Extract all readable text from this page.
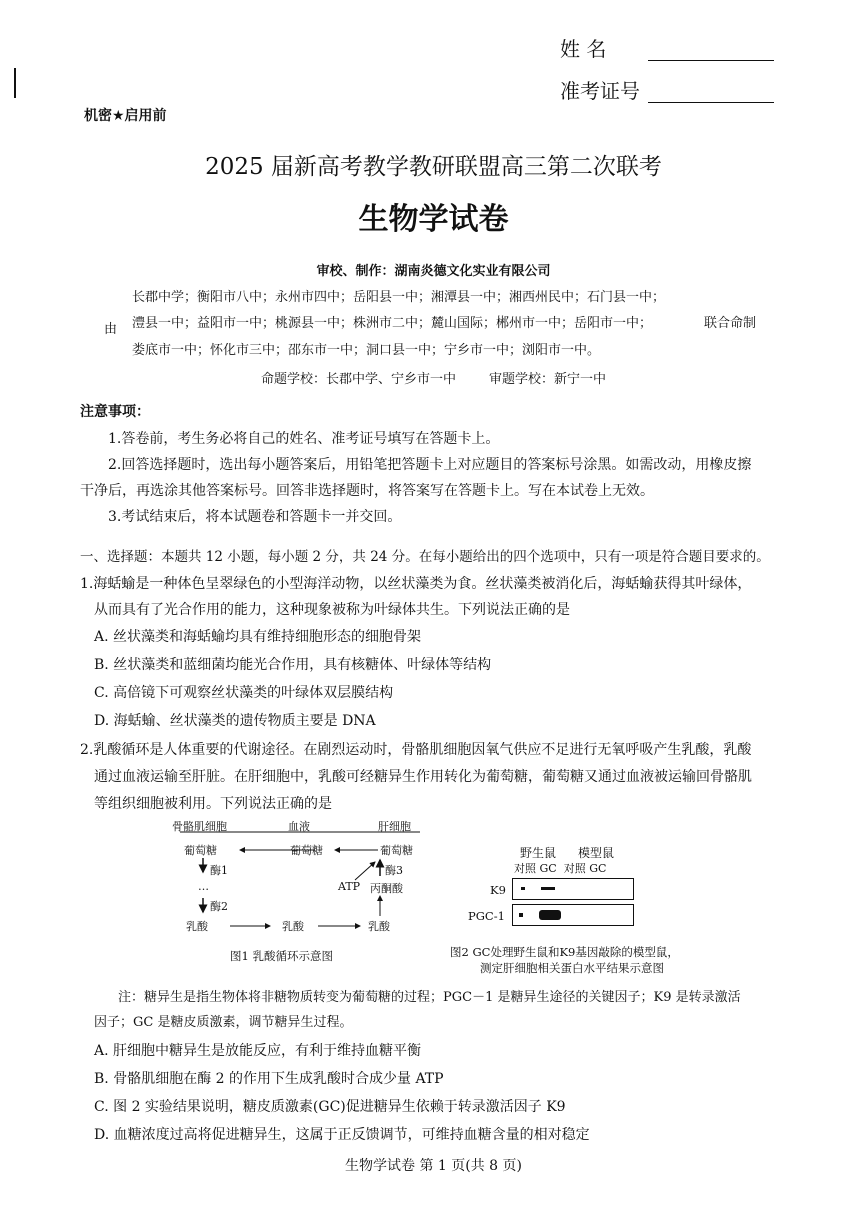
姓 名
准考证号
机密★启用前
2025 届新高考教学教研联盟高三第二次联考
生物学试卷
审校、制作：湖南炎德文化实业有限公司
长郡中学；衡阳市八中；永州市四中；岳阳县一中；湘潭县一中；湘西州民中；石门县一中；
由 澧县一中；益阳市一中；桃源县一中；株洲市二中；麓山国际；郴州市一中；岳阳市一中；	联合命制
娄底市一中；怀化市三中；邵东市一中；洞口县一中；宁乡市一中；浏阳市一中。
命题学校：长郡中学、宁乡市一中        审题学校：新宁一中
注意事项：
1.答卷前，考生务必将自己的姓名、准考证号填写在答题卡上。
2.回答选择题时，选出每小题答案后，用铅笔把答题卡上对应题目的答案标号涂黑。如需改动，用橡皮擦
干净后，再选涂其他答案标号。回答非选择题时，将答案写在答题卡上。写在本试卷上无效。
3.考试结束后，将本试题卷和答题卡一并交回。
一、选择题：本题共 12 小题，每小题 2 分，共 24 分。在每小题给出的四个选项中，只有一项是符合题目要求的。
1.海蛞蝓是一种体色呈翠绿色的小型海洋动物，以丝状藻类为食。丝状藻类被消化后，海蛞蝓获得其叶绿体，
从而具有了光合作用的能力，这种现象被称为叶绿体共生。下列说法正确的是
A. 丝状藻类和海蛞蝓均具有维持细胞形态的细胞骨架
B. 丝状藻类和蓝细菌均能光合作用，具有核糖体、叶绿体等结构
C. 高倍镜下可观察丝状藻类的叶绿体双层膜结构
D. 海蛞蝓、丝状藻类的遗传物质主要是 DNA
2.乳酸循环是人体重要的代谢途径。在剧烈运动时，骨骼肌细胞因氧气供应不足进行无氧呼吸产生乳酸，乳酸
通过血液运输至肝脏。在肝细胞中，乳酸可经糖异生作用转化为葡萄糖，葡萄糖又通过血液被运输回骨骼肌
等组织细胞被利用。下列说法正确的是
骨骼肌细胞	血液	肝细胞
葡萄糖	葡萄糖	葡萄糖
酶1
…
酶2
酶3
ATP 丙酮酸
乳酸	乳酸	乳酸
图1 乳酸循环示意图
野生鼠 模型鼠
对照 GC  对照 GC
K9
PGC-1
图2 GC处理野生鼠和K9基因敲除的模型鼠，
测定肝细胞相关蛋白水平结果示意图
注：糖异生是指生物体将非糖物质转变为葡萄糖的过程；PGC－1 是糖异生途径的关键因子；K9 是转录激活
因子；GC 是糖皮质激素，调节糖异生过程。
A. 肝细胞中糖异生是放能反应，有利于维持血糖平衡
B. 骨骼肌细胞在酶 2 的作用下生成乳酸时合成少量 ATP
C. 图 2 实验结果说明，糖皮质激素(GC)促进糖异生依赖于转录激活因子 K9
D. 血糖浓度过高将促进糖异生，这属于正反馈调节，可维持血糖含量的相对稳定
生物学试卷 第 1 页(共 8 页)
